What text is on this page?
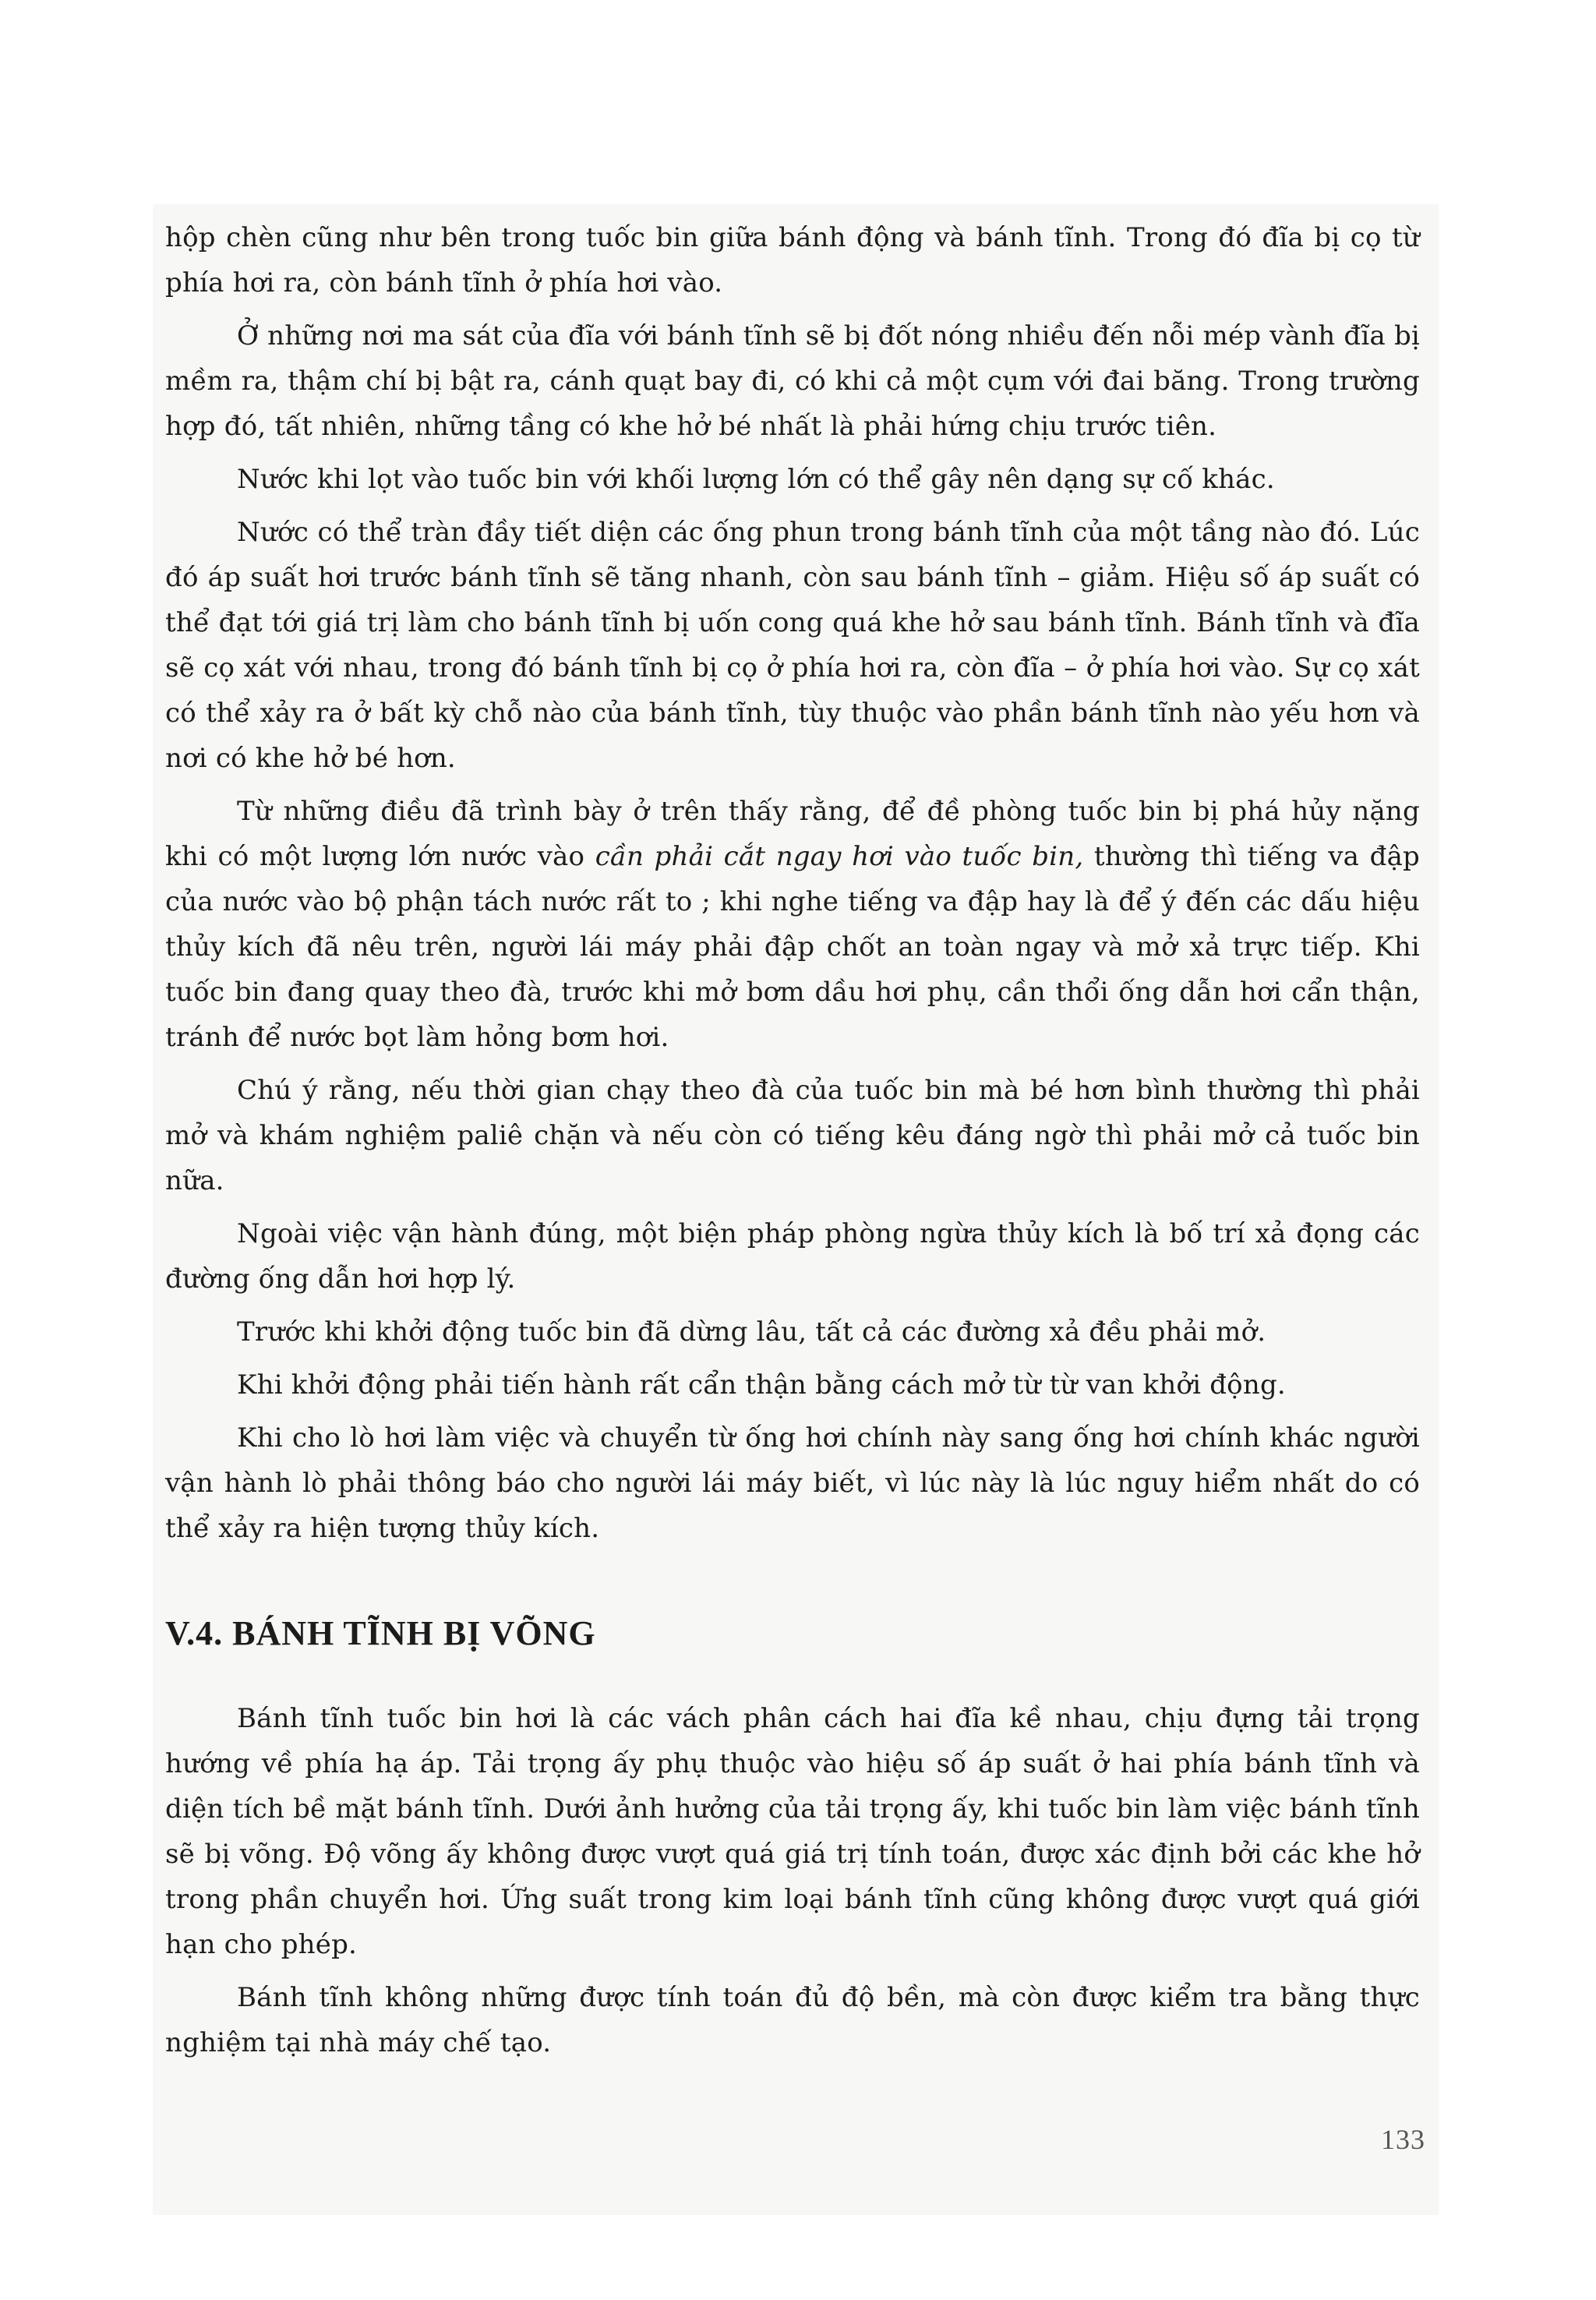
hộp chèn cũng như bên trong tuốc bin giữa bánh động và bánh tĩnh. Trong đó đĩa bị cọ từ phía hơi ra, còn bánh tĩnh ở phía hơi vào.

Ở những nơi ma sát của đĩa với bánh tĩnh sẽ bị đốt nóng nhiều đến nỗi mép vành đĩa bị mềm ra, thậm chí bị bật ra, cánh quạt bay đi, có khi cả một cụm với đai băng. Trong trường hợp đó, tất nhiên, những tầng có khe hở bé nhất là phải hứng chịu trước tiên.

Nước khi lọt vào tuốc bin với khối lượng lớn có thể gây nên dạng sự cố khác.

Nước có thể tràn đầy tiết diện các ống phun trong bánh tĩnh của một tầng nào đó. Lúc đó áp suất hơi trước bánh tĩnh sẽ tăng nhanh, còn sau bánh tĩnh – giảm. Hiệu số áp suất có thể đạt tới giá trị làm cho bánh tĩnh bị uốn cong quá khe hở sau bánh tĩnh. Bánh tĩnh và đĩa sẽ cọ xát với nhau, trong đó bánh tĩnh bị cọ ở phía hơi ra, còn đĩa – ở phía hơi vào. Sự cọ xát có thể xảy ra ở bất kỳ chỗ nào của bánh tĩnh, tùy thuộc vào phần bánh tĩnh nào yếu hơn và nơi có khe hở bé hơn.

Từ những điều đã trình bày ở trên thấy rằng, để đề phòng tuốc bin bị phá hủy nặng khi có một lượng lớn nước vào cần phải cắt ngay hơi vào tuốc bin, thường thì tiếng va đập của nước vào bộ phận tách nước rất to ; khi nghe tiếng va đập hay là để ý đến các dấu hiệu thủy kích đã nêu trên, người lái máy phải đập chốt an toàn ngay và mở xả trực tiếp. Khi tuốc bin đang quay theo đà, trước khi mở bơm dầu hơi phụ, cần thổi ống dẫn hơi cẩn thận, tránh để nước bọt làm hỏng bơm hơi.

Chú ý rằng, nếu thời gian chạy theo đà của tuốc bin mà bé hơn bình thường thì phải mở và khám nghiệm paliê chặn và nếu còn có tiếng kêu đáng ngờ thì phải mở cả tuốc bin nữa.

Ngoài việc vận hành đúng, một biện pháp phòng ngừa thủy kích là bố trí xả đọng các đường ống dẫn hơi hợp lý.

Trước khi khởi động tuốc bin đã dừng lâu, tất cả các đường xả đều phải mở.

Khi khởi động phải tiến hành rất cẩn thận bằng cách mở từ từ van khởi động.

Khi cho lò hơi làm việc và chuyển từ ống hơi chính này sang ống hơi chính khác người vận hành lò phải thông báo cho người lái máy biết, vì lúc này là lúc nguy hiểm nhất do có thể xảy ra hiện tượng thủy kích.

V.4. BÁNH TĨNH BỊ VÕNG

Bánh tĩnh tuốc bin hơi là các vách phân cách hai đĩa kề nhau, chịu đựng tải trọng hướng về phía hạ áp. Tải trọng ấy phụ thuộc vào hiệu số áp suất ở hai phía bánh tĩnh và diện tích bề mặt bánh tĩnh. Dưới ảnh hưởng của tải trọng ấy, khi tuốc bin làm việc bánh tĩnh sẽ bị võng. Độ võng ấy không được vượt quá giá trị tính toán, được xác định bởi các khe hở trong phần chuyển hơi. Ứng suất trong kim loại bánh tĩnh cũng không được vượt quá giới hạn cho phép.

Bánh tĩnh không những được tính toán đủ độ bền, mà còn được kiểm tra bằng thực nghiệm tại nhà máy chế tạo.

133
